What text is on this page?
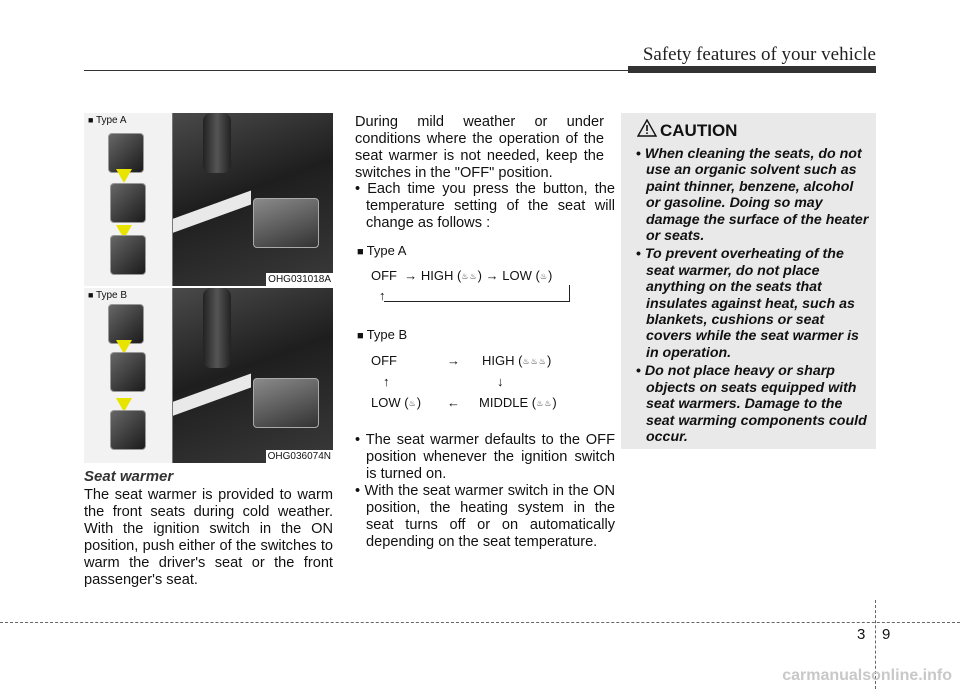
Safety features of your vehicle
■ Type A
OHG031018A
■ Type B
OHG036074N
Seat warmer
The seat warmer is provided to warm the front seats during cold weather. With the ignition switch in the ON position, push either of the switches to warm the driver's seat or the front passenger's seat.
During mild weather or under conditions where the operation of the seat warmer is not needed, keep the switches in the "OFF" position.

• Each time you press the button, the temperature setting of the seat will change as follows :

■ Type A
OFF → HIGH (♨♨) → LOW (♨)
↑
■ Type B
OFF	→ HIGH (♨♨♨)
↑	↓
LOW (♨) ← MIDDLE (♨♨)

• The seat warmer defaults to the OFF position whenever the ignition switch is turned on.

• With the seat warmer switch in the ON position, the heating system in the seat turns off or on automatically depending on the seat temperature.

CAUTION
• When cleaning the seats, do not use an organic solvent such as paint thinner, benzene, alcohol or gasoline. Doing so may damage the surface of the heater or seats.
• To prevent overheating of the seat warmer, do not place anything on the seats that insulates against heat, such as blankets, cushions or seat covers while the seat warmer is in operation.
• Do not place heavy or sharp objects on seats equipped with seat warmers. Damage to the seat warming components could occur.
3 9
carmanualsonline.info
